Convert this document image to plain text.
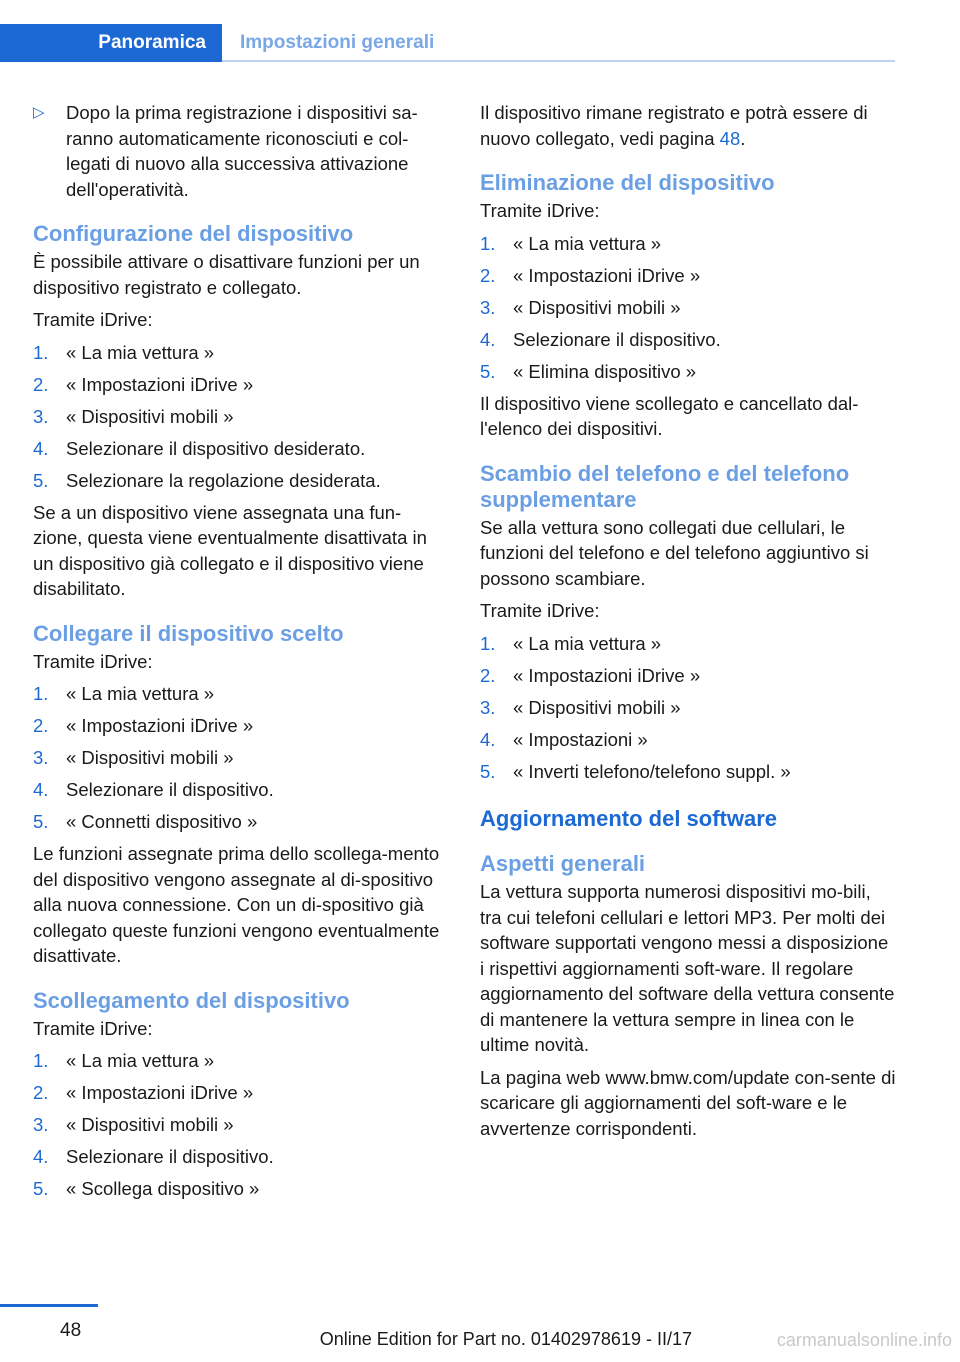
Panoramica	Impostazioni generali

▷ Dopo la prima registrazione i dispositivi sa-ranno automaticamente riconosciuti e col-legati di nuovo alla successiva attivazione dell'operatività.

Configurazione del dispositivo

È possibile attivare o disattivare funzioni per un dispositivo registrato e collegato.

Tramite iDrive:

1. « La mia vettura »
2. « Impostazioni iDrive »
3. « Dispositivi mobili »
4. Selezionare il dispositivo desiderato.
5. Selezionare la regolazione desiderata.

Se a un dispositivo viene assegnata una fun-zione, questa viene eventualmente disattivata in un dispositivo già collegato e il dispositivo viene disabilitato.

Collegare il dispositivo scelto

Tramite iDrive:

1. « La mia vettura »
2. « Impostazioni iDrive »
3. « Dispositivi mobili »
4. Selezionare il dispositivo.
5. « Connetti dispositivo »

Le funzioni assegnate prima dello scollega-mento del dispositivo vengono assegnate al di-spositivo alla nuova connessione. Con un di-spositivo già collegato queste funzioni vengono eventualmente disattivate.

Scollegamento del dispositivo

Tramite iDrive:

1. « La mia vettura »
2. « Impostazioni iDrive »
3. « Dispositivi mobili »
4. Selezionare il dispositivo.
5. « Scollega dispositivo »

Il dispositivo rimane registrato e potrà essere di nuovo collegato, vedi pagina 48.

Eliminazione del dispositivo

Tramite iDrive:

1. « La mia vettura »
2. « Impostazioni iDrive »
3. « Dispositivi mobili »
4. Selezionare il dispositivo.
5. « Elimina dispositivo »

Il dispositivo viene scollegato e cancellato dal-l'elenco dei dispositivi.

Scambio del telefono e del telefono supplementare

Se alla vettura sono collegati due cellulari, le funzioni del telefono e del telefono aggiuntivo si possono scambiare.

Tramite iDrive:

1. « La mia vettura »
2. « Impostazioni iDrive »
3. « Dispositivi mobili »
4. « Impostazioni »
5. « Inverti telefono/telefono suppl. »
Aggiornamento del software
Aspetti generali

La vettura supporta numerosi dispositivi mo-bili, tra cui telefoni cellulari e lettori MP3. Per molti dei software supportati vengono messi a disposizione i rispettivi aggiornamenti soft-ware. Il regolare aggiornamento del software della vettura consente di mantenere la vettura sempre in linea con le ultime novità.

La pagina web www.bmw.com/update con-sente di scaricare gli aggiornamenti del soft-ware e le avvertenze corrispondenti.

48	Online Edition for Part no. 01402978619 - II/17	carmanualsonline.info
